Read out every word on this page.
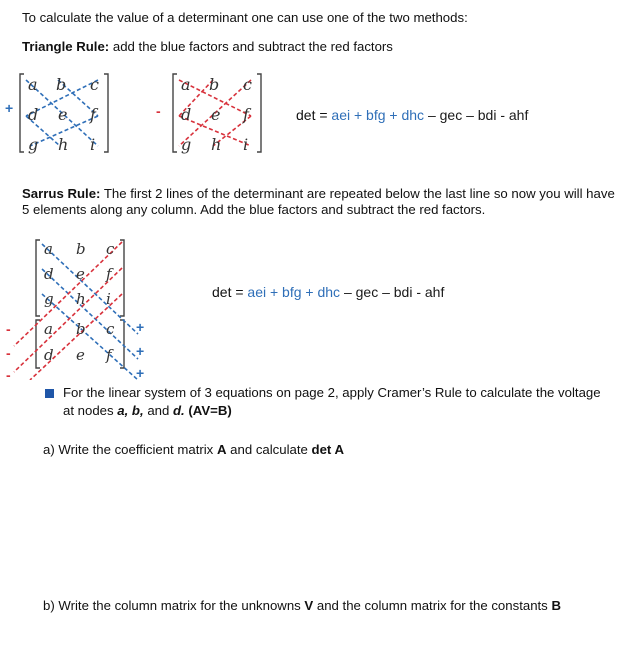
To calculate the value of a determinant one can use one of the two methods:
Triangle Rule: add the blue factors and subtract the red factors
+
a b c
d e f
g h i
-
a b c
d e f
g h i
det = aei + bfg + dhc – gec – bdi - ahf
Sarrus Rule: The first 2 lines of the determinant are repeated below the last line so now you will have 5 elements along any column. Add the blue factors and subtract the red factors.
a b c
d e f
g h i
a b c
d e f
+
+
+
-
-
-
det = aei + bfg + dhc – gec – bdi - ahf
For the linear system of 3 equations on page 2, apply Cramer’s Rule to calculate the voltage at nodes a, b, and d. (AV=B)
a) Write the coefficient matrix A and calculate det A
b) Write the column matrix for the unknowns V and the column matrix for the constants B
